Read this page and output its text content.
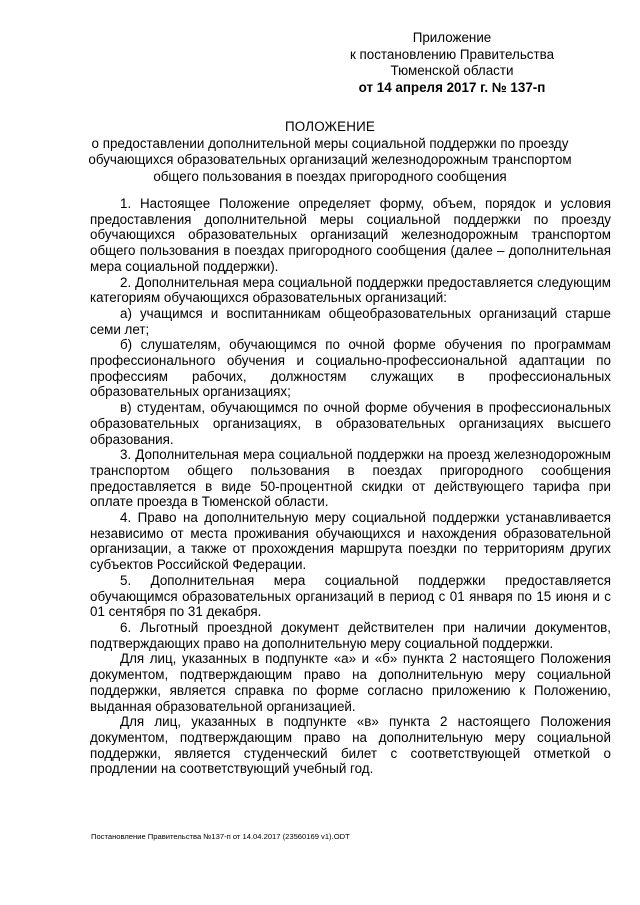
Приложение
к постановлению Правительства
Тюменской области
от 14 апреля 2017 г. № 137-п
ПОЛОЖЕНИЕ
о предоставлении дополнительной меры социальной поддержки по проезду обучающихся образовательных организаций железнодорожным транспортом общего пользования в поездах пригородного сообщения

1. Настоящее Положение определяет форму, объем, порядок и условия предоставления дополнительной меры социальной поддержки по проезду обучающихся образовательных организаций железнодорожным транспортом общего пользования в поездах пригородного сообщения (далее – дополнительная мера социальной поддержки).

2. Дополнительная мера социальной поддержки предоставляется следующим категориям обучающихся образовательных организаций:

а) учащимся и воспитанникам общеобразовательных организаций старше семи лет;

б) слушателям, обучающимся по очной форме обучения по программам профессионального обучения и социально-профессиональной адаптации по профессиям рабочих, должностям служащих в профессиональных образовательных организациях;

в) студентам, обучающимся по очной форме обучения в профессиональных образовательных организациях, в образовательных организациях высшего образования.

3. Дополнительная мера социальной поддержки на проезд железнодорожным транспортом общего пользования в поездах пригородного сообщения предоставляется в виде 50-процентной скидки от действующего тарифа при оплате проезда в Тюменской области.

4. Право на дополнительную меру социальной поддержки устанавливается независимо от места проживания обучающихся и нахождения образовательной организации, а также от прохождения маршрута поездки по территориям других субъектов Российской Федерации.

5. Дополнительная мера социальной поддержки предоставляется обучающимся образовательных организаций в период с 01 января по 15 июня и с 01 сентября по 31 декабря.

6. Льготный проездной документ действителен при наличии документов, подтверждающих право на дополнительную меру социальной поддержки.

Для лиц, указанных в подпункте «а» и «б» пункта 2 настоящего Положения документом, подтверждающим право на дополнительную меру социальной поддержки, является справка по форме согласно приложению к Положению, выданная образовательной организацией.

Для лиц, указанных в подпункте «в» пункта 2 настоящего Положения документом, подтверждающим право на дополнительную меру социальной поддержки, является студенческий билет с соответствующей отметкой о продлении на соответствующий учебный год.

Постановление Правительства №137-п от 14.04.2017 (23560169 v1).ODT
